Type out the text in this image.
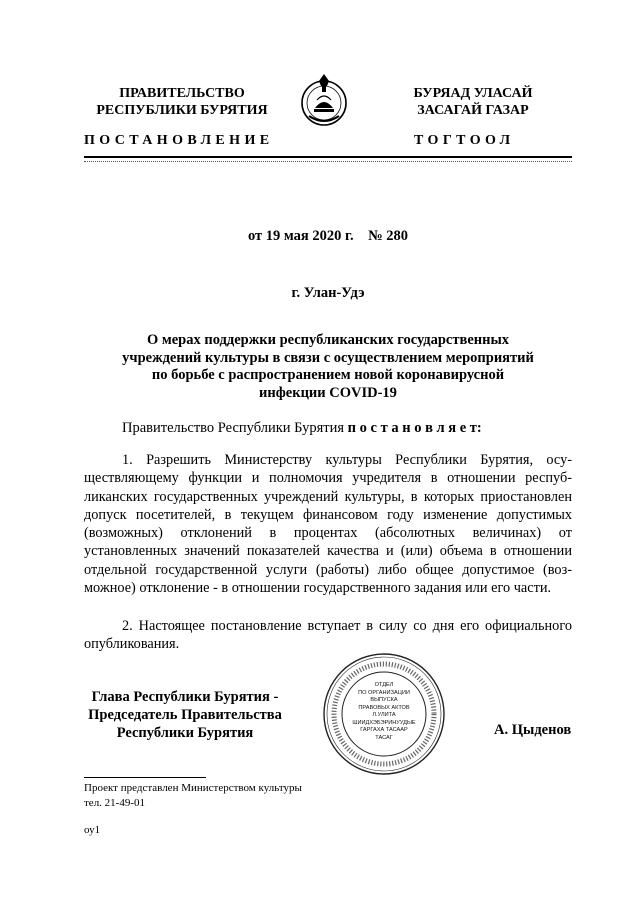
ПРАВИТЕЛЬСТВО
РЕСПУБЛИКИ БУРЯТИЯ
БУРЯАД УЛАСАЙ
ЗАСАГАЙ ГАЗАР
ПОСТАНОВЛЕНИЕ	ТОГТООЛ
от 19 мая 2020 г.    № 280
г. Улан-Удэ
О мерах поддержки республиканских государственных
учреждений культуры в связи с осуществлением мероприятий
по борьбе с распространением новой коронавирусной
инфекции COVID-19
Правительство Республики Бурятия п о с т а н о в л я е т:
1. Разрешить Министерству культуры Республики Бурятия, осуществляющему функции и полномочия учредителя в отношении республиканских государственных учреждений культуры, в которых приостановлен допуск посетителей, в текущем финансовом году изменение допустимых (возможных) отклонений в процентах (абсолютных величинах) от установленных значений показателей качества и (или) объема в отношении отдельной государственной услуги (работы) либо общее допустимое (возможное) отклонение - в отношении государственного задания или его части.
2. Настоящее постановление вступает в силу со дня его официального опубликования.
Глава Республики Бурятия -
Председатель Правительства
Республики Бурятия
ОТДЕЛ
ПО ОРГАНИЗАЦИИ
ВЫПУСКА
ПРАВОВЫХ АКТОВ
Л.УЛИТА
ШИИДХЭБЭРИНУУДЫЕ
ГАРГАХА ТАСААР
ТАСАГ	А. Цыденов
Проект представлен Министерством культуры
тел. 21-49-01
оу1
